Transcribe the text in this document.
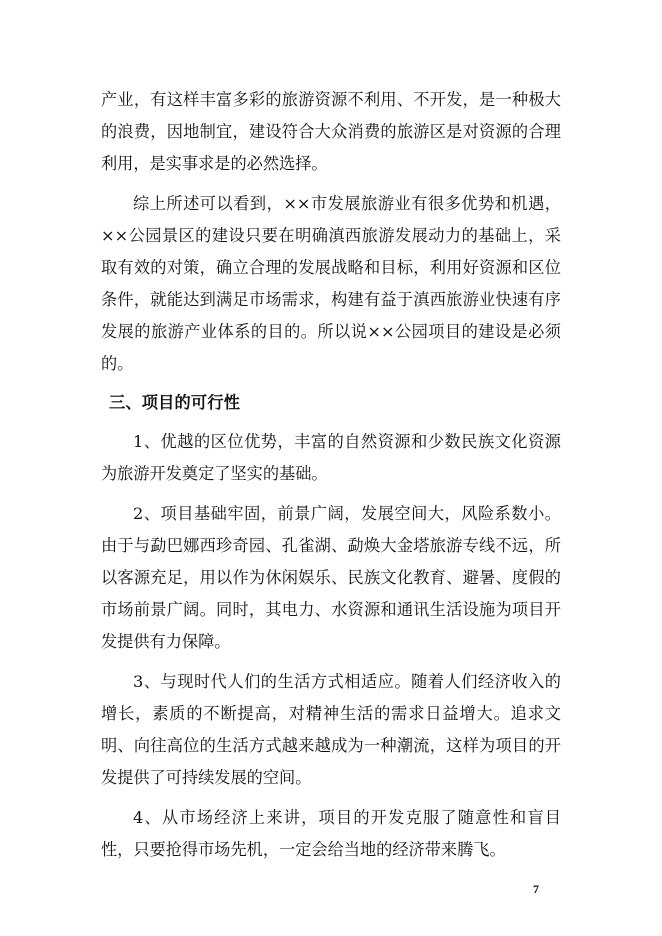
产业，有这样丰富多彩的旅游资源不利用、不开发，是一种极大的浪费，因地制宜，建设符合大众消费的旅游区是对资源的合理利用，是实事求是的必然选择。

综上所述可以看到，××市发展旅游业有很多优势和机遇，××公园景区的建设只要在明确滇西旅游发展动力的基础上，采取有效的对策，确立合理的发展战略和目标，利用好资源和区位条件，就能达到满足市场需求，构建有益于滇西旅游业快速有序发展的旅游产业体系的目的。所以说××公园项目的建设是必须的。

三、项目的可行性

1、优越的区位优势，丰富的自然资源和少数民族文化资源为旅游开发奠定了坚实的基础。

2、项目基础牢固，前景广阔，发展空间大，风险系数小。由于与勐巴娜西珍奇园、孔雀湖、勐焕大金塔旅游专线不远，所以客源充足，用以作为休闲娱乐、民族文化教育、避暑、度假的市场前景广阔。同时，其电力、水资源和通讯生活设施为项目开发提供有力保障。

3、与现时代人们的生活方式相适应。随着人们经济收入的增长，素质的不断提高，对精神生活的需求日益增大。追求文明、向往高位的生活方式越来越成为一种潮流，这样为项目的开发提供了可持续发展的空间。

4、从市场经济上来讲，项目的开发克服了随意性和盲目性，只要抢得市场先机，一定会给当地的经济带来腾飞。

7
